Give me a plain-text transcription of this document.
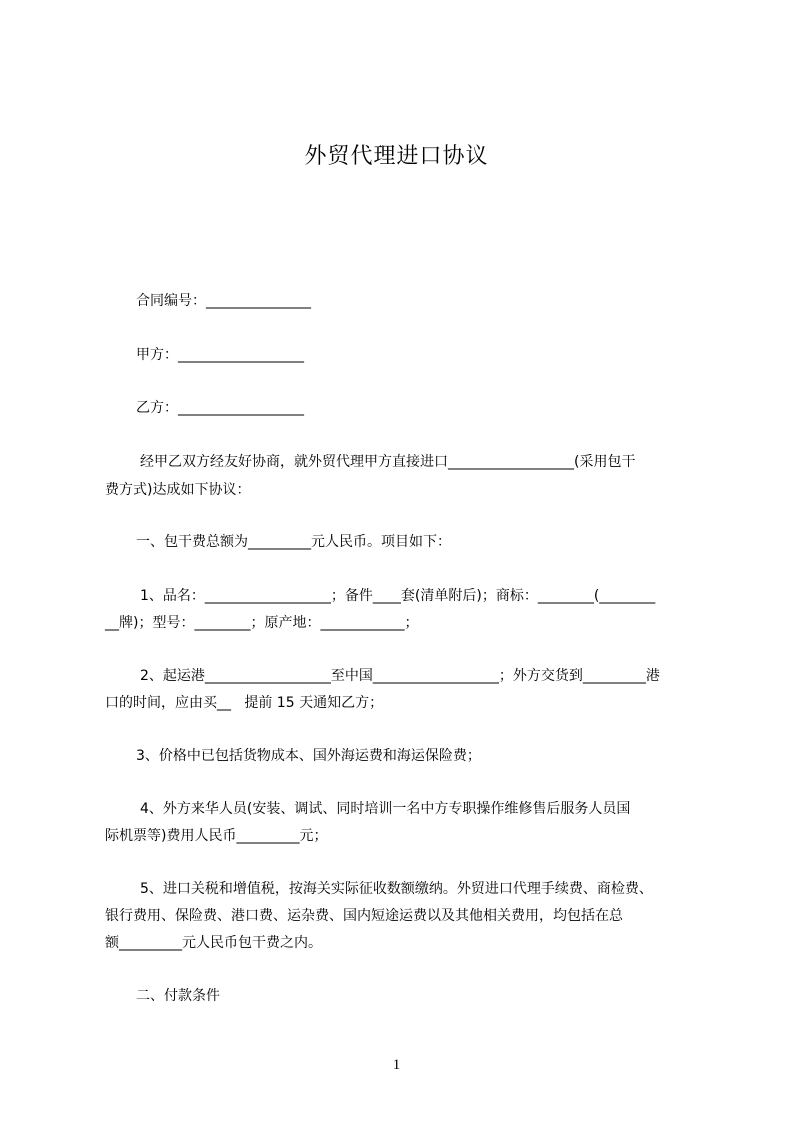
外贸代理进口协议
合同编号：_______________
甲方：__________________
乙方：__________________
经甲乙双方经友好协商，就外贸代理甲方直接进口__________________(采用包干
费方式)达成如下协议：
一、包干费总额为_________元人民币。项目如下：
1、品名：__________________；备件____套(清单附后)；商标：________(________
__牌)；型号：________；原产地：____________；
2、起运港__________________至中国__________________；外方交货到_________港
口的时间，应由买__   提前 15 天通知乙方；
3、价格中已包括货物成本、国外海运费和海运保险费；
4、外方来华人员(安装、调试、同时培训一名中方专职操作维修售后服务人员国
际机票等)费用人民币_________元；
5、进口关税和增值税，按海关实际征收数额缴纳。外贸进口代理手续费、商检费、
银行费用、保险费、港口费、运杂费、国内短途运费以及其他相关费用，均包括在总
额_________元人民币包干费之内。
二、付款条件
1
